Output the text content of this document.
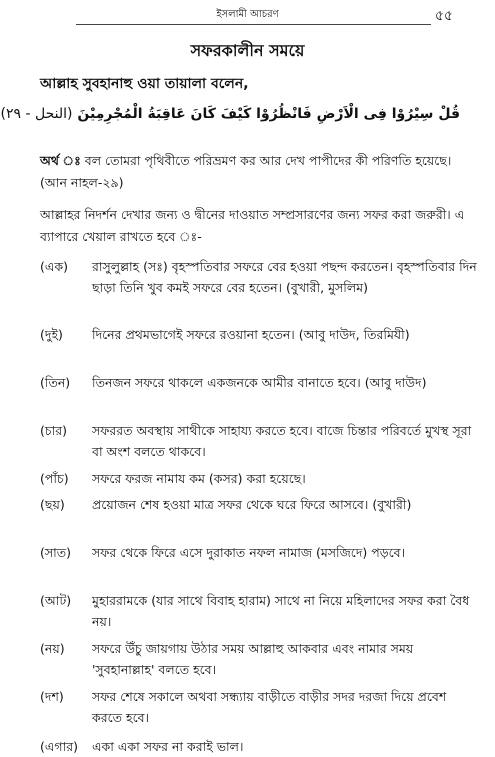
ইসলামী আচরণ	৫৫
সফরকালীন সময়ে
আল্লাহ সুবহানাহু ওয়া তায়ালা বলেন,
قُلْ سِيْرُوْا فِى الْاَرْضِ فَانْظُرُوْا كَيْفَ كَانَ عَاقِبَةُ الْمُجْرِمِيْنَ (النحل - ٢٩)
অর্থ ঃ বল তোমরা পৃথিবীতে পরিভ্রমণ কর আর দেখ পাপীদের কী পরিণতি হয়েছে। (আন নাহল-২৯)
আল্লাহর নিদর্শন দেখার জন্য ও দ্বীনের দাওয়াত সম্প্রসারণের জন্য সফর করা জরুরী। এ ব্যাপারে খেয়াল রাখতে হবে ঃ-
(এক)	রাসুলুল্লাহ (সঃ) বৃহস্পতিবার সফরে বের হওয়া পছন্দ করতেন। বৃহস্পতিবার দিন ছাড়া তিনি খুব কমই সফরে বের হতেন। (বুখারী, মুসলিম)
(দুই)	দিনের প্রথমভাগেই সফরে রওয়ানা হতেন। (আবু দাউদ, তিরমিযী)
(তিন)	তিনজন সফরে থাকলে একজনকে আমীর বানাতে হবে। (আবু দাউদ)
(চার)	সফররত অবস্থায় সাথীকে সাহায্য করতে হবে। বাজে চিন্তার পরিবর্তে মুখস্থ সূরা বা অংশ বলতে থাকবে।
(পাঁচ)	সফরে ফরজ নামায কম (কসর) করা হয়েছে।
(ছয়)	প্রয়োজন শেষ হওয়া মাত্র সফর থেকে ঘরে ফিরে আসবে। (বুখারী)
(সাত)	সফর থেকে ফিরে এসে দুরাকাত নফল নামাজ (মসজিদে) পড়বে।
(আট)	মুহাররামকে (যার সাথে বিবাহ হারাম) সাথে না নিয়ে মহিলাদের সফর করা বৈধ নয়।
(নয়)	সফরে উঁচু জায়গায় উঠার সময় আল্লাহু আকবার এবং নামার সময় 'সুবহানাল্লাহ' বলতে হবে।
(দশ)	সফর শেষে সকালে অথবা সন্ধ্যায় বাড়ীতে বাড়ীর সদর দরজা দিয়ে প্রবেশ করতে হবে।
(এগার)	একা একা সফর না করাই ভাল।
